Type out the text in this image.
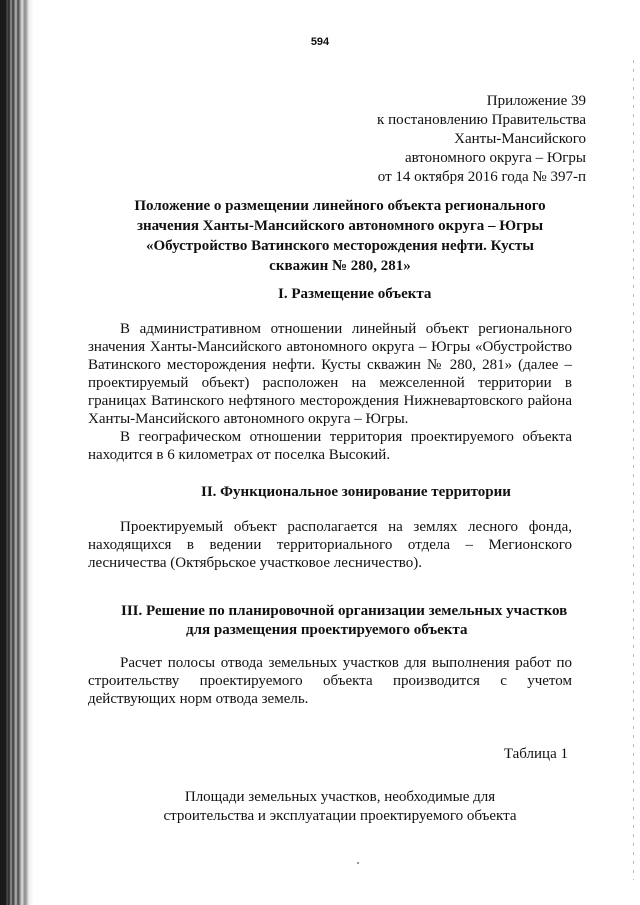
594
Приложение 39
к постановлению Правительства
Ханты-Мансийского
автономного округа – Югры
от 14 октября 2016 года № 397-п
Положение о размещении линейного объекта регионального
значения Ханты-Мансийского автономного округа – Югры
«Обустройство Ватинского месторождения нефти. Кусты
скважин № 280, 281»
I. Размещение объекта

В административном отношении линейный объект регионального значения Ханты-Мансийского автономного округа – Югры «Обустройство Ватинского месторождения нефти. Кусты скважин № 280, 281» (далее – проектируемый объект) расположен на межселенной территории в границах Ватинского нефтяного месторождения Нижневартовского района Ханты-Мансийского автономного округа – Югры.

В географическом отношении территория проектируемого объекта находится в 6 километрах от поселка Высокий.

II. Функциональное зонирование территории

Проектируемый объект располагается на землях лесного фонда, находящихся в ведении территориального отдела – Мегионского лесничества (Октябрьское участковое лесничество).

III. Решение по планировочной организации земельных участков
для размещения проектируемого объекта

Расчет полосы отвода земельных участков для выполнения работ по строительству проектируемого объекта производится с учетом действующих норм отвода земель.

Таблица 1
Площади земельных участков, необходимые для
строительства и эксплуатации проектируемого объекта
